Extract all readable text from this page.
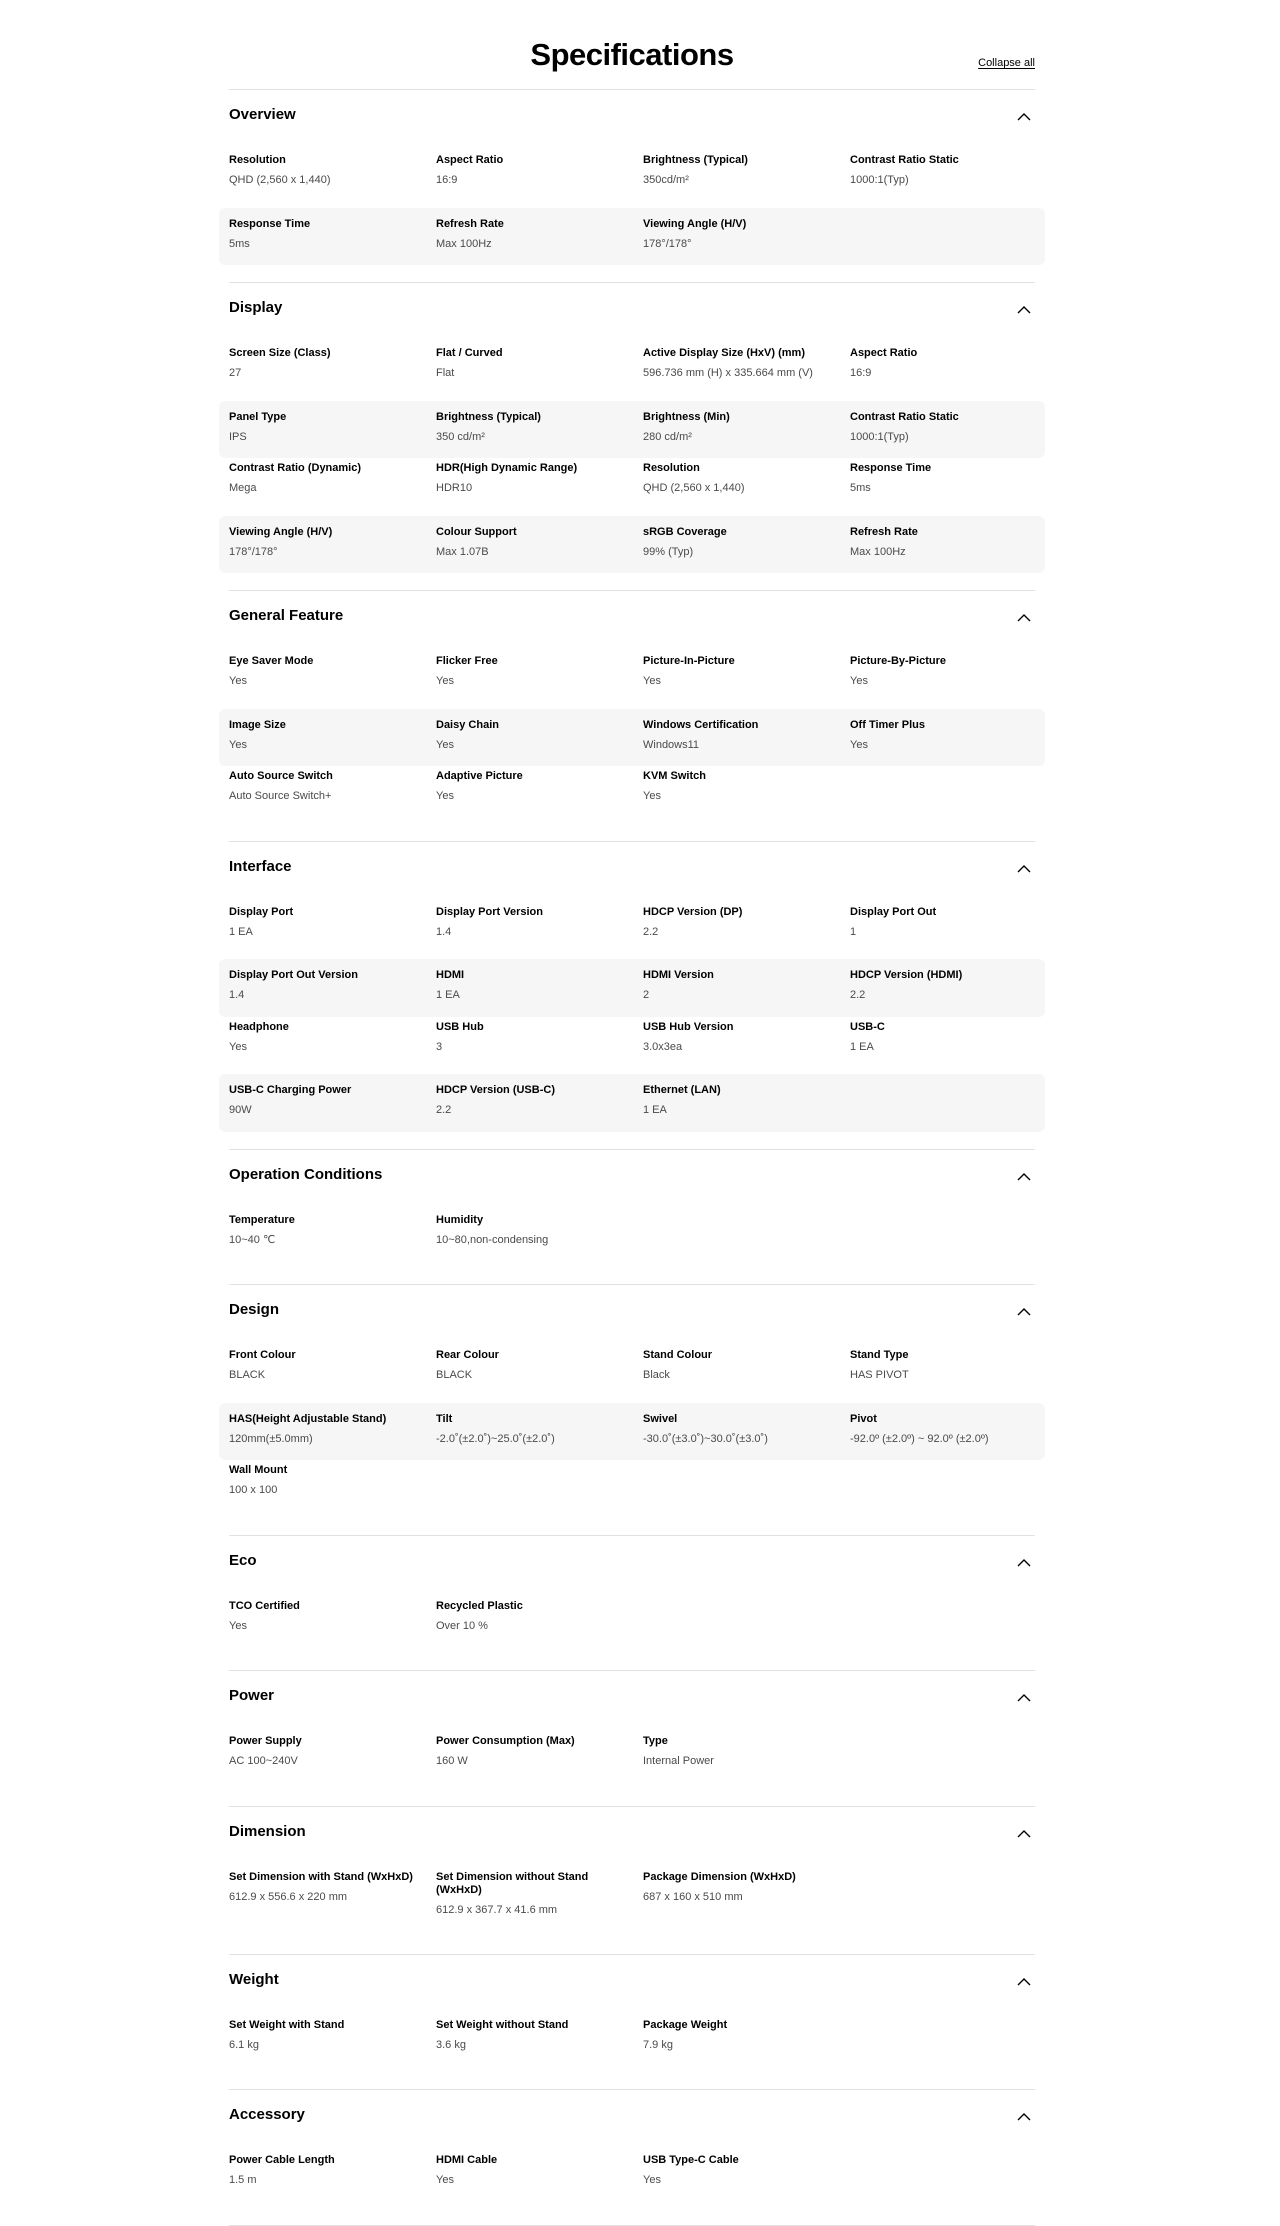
Specifications	Collapse all
Overview
Resolution
QHD (2,560 x 1,440)
Aspect Ratio
16:9
Brightness (Typical)
350cd/m²
Contrast Ratio Static
1000:1(Typ)
Response Time
5ms
Refresh Rate
Max 100Hz
Viewing Angle (H/V)
178°/178°
Display
Screen Size (Class)
27
Flat / Curved
Flat
Active Display Size (HxV) (mm)
596.736 mm (H) x 335.664 mm (V)
Aspect Ratio
16:9
Panel Type
IPS
Brightness (Typical)
350 cd/m²
Brightness (Min)
280 cd/m²
Contrast Ratio Static
1000:1(Typ)
Contrast Ratio (Dynamic)
Mega
HDR(High Dynamic Range)
HDR10
Resolution
QHD (2,560 x 1,440)
Response Time
5ms
Viewing Angle (H/V)
178°/178°
Colour Support
Max 1.07B
sRGB Coverage
99% (Typ)
Refresh Rate
Max 100Hz
General Feature
Eye Saver Mode
Yes
Flicker Free
Yes
Picture-In-Picture
Yes
Picture-By-Picture
Yes
Image Size
Yes
Daisy Chain
Yes
Windows Certification
Windows11
Off Timer Plus
Yes
Auto Source Switch
Auto Source Switch+
Adaptive Picture
Yes
KVM Switch
Yes
Interface
Display Port
1 EA
Display Port Version
1.4
HDCP Version (DP)
2.2
Display Port Out
1
Display Port Out Version
1.4
HDMI
1 EA
HDMI Version
2
HDCP Version (HDMI)
2.2
Headphone
Yes
USB Hub
3
USB Hub Version
3.0x3ea
USB-C
1 EA
USB-C Charging Power
90W
HDCP Version (USB-C)
2.2
Ethernet (LAN)
1 EA
Operation Conditions
Temperature
10~40 ℃
Humidity
10~80,non-condensing
Design
Front Colour
BLACK
Rear Colour
BLACK
Stand Colour
Black
Stand Type
HAS PIVOT
HAS(Height Adjustable Stand)
120mm(±5.0mm)
Tilt
-2.0˚(±2.0˚)~25.0˚(±2.0˚)
Swivel
-30.0˚(±3.0˚)~30.0˚(±3.0˚)
Pivot
-92.0º (±2.0º) ~ 92.0º (±2.0º)
Wall Mount
100 x 100
Eco
TCO Certified
Yes
Recycled Plastic
Over 10 %
Power
Power Supply
AC 100~240V
Power Consumption (Max)
160 W
Type
Internal Power
Dimension
Set Dimension with Stand (WxHxD)
612.9 x 556.6 x 220 mm
Set Dimension without Stand (WxHxD)
612.9 x 367.7 x 41.6 mm
Package Dimension (WxHxD)
687 x 160 x 510 mm
Weight
Set Weight with Stand
6.1 kg
Set Weight without Stand
3.6 kg
Package Weight
7.9 kg
Accessory
Power Cable Length
1.5 m
HDMI Cable
Yes
USB Type-C Cable
Yes
